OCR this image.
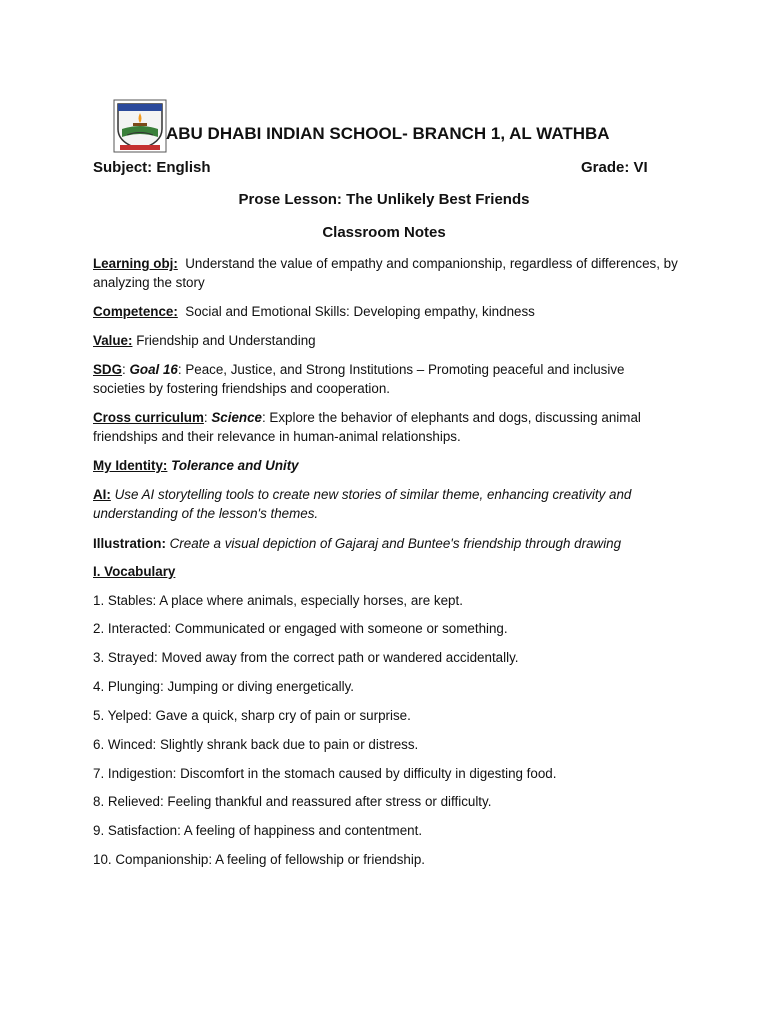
ABU DHABI INDIAN SCHOOL- BRANCH 1, AL WATHBA
Subject: English	Grade: VI
Prose Lesson: The Unlikely Best Friends
Classroom Notes
Learning obj: Understand the value of empathy and companionship, regardless of differences, by analyzing the story
Competence: Social and Emotional Skills: Developing empathy, kindness
Value: Friendship and Understanding
SDG: Goal 16: Peace, Justice, and Strong Institutions – Promoting peaceful and inclusive societies by fostering friendships and cooperation.
Cross curriculum: Science: Explore the behavior of elephants and dogs, discussing animal friendships and their relevance in human-animal relationships.
My Identity: Tolerance and Unity
AI: Use AI storytelling tools to create new stories of similar theme, enhancing creativity and understanding of the lesson's themes.
Illustration: Create a visual depiction of Gajaraj and Buntee's friendship through drawing
I. Vocabulary
1. Stables: A place where animals, especially horses, are kept.
2. Interacted: Communicated or engaged with someone or something.
3. Strayed: Moved away from the correct path or wandered accidentally.
4. Plunging: Jumping or diving energetically.
5. Yelped: Gave a quick, sharp cry of pain or surprise.
6. Winced: Slightly shrank back due to pain or distress.
7. Indigestion: Discomfort in the stomach caused by difficulty in digesting food.
8. Relieved: Feeling thankful and reassured after stress or difficulty.
9. Satisfaction: A feeling of happiness and contentment.
10. Companionship: A feeling of fellowship or friendship.
